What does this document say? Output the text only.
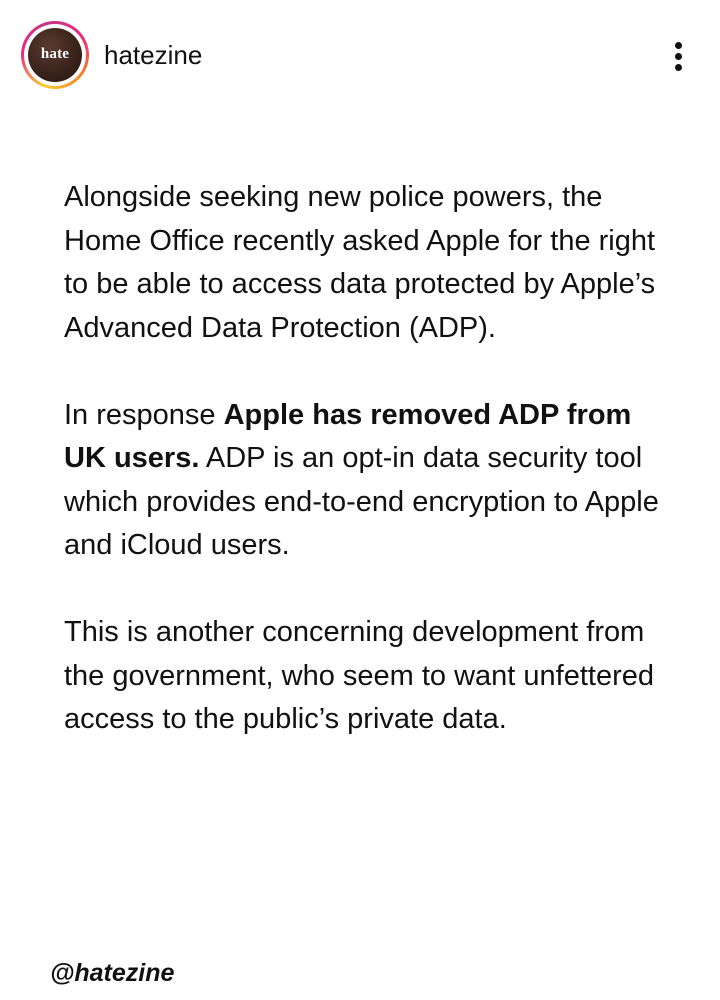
hate	hatezine

Alongside seeking new police powers, the Home Office recently asked Apple for the right to be able to access data protected by Apple’s Advanced Data Protection (ADP).

In response Apple has removed ADP from UK users. ADP is an opt-in data security tool which provides end-to-end encryption to Apple and iCloud users.

This is another concerning development from the government, who seem to want unfettered access to the public’s private data.

@hatezine
